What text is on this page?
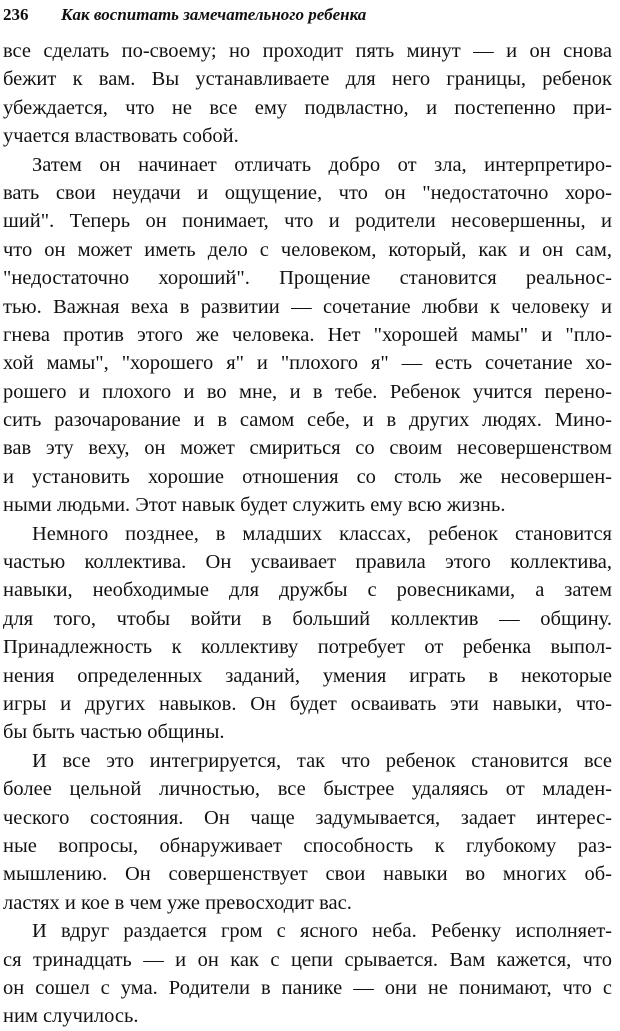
236 Как воспитать замечательного ребенка
все сделать по-своему; но проходит пять минут — и он снова
бежит к вам. Вы устанавливаете для него границы, ребенок
убеждается, что не все ему подвластно, и постепенно при-
учается властвовать собой.
Затем он начинает отличать добро от зла, интерпретиро-
вать свои неудачи и ощущение, что он "недостаточно хоро-
ший". Теперь он понимает, что и родители несовершенны, и
что он может иметь дело с человеком, который, как и он сам,
"недостаточно хороший". Прощение становится реальнос-
тью. Важная веха в развитии — сочетание любви к человеку и
гнева против этого же человека. Нет "хорошей мамы" и "пло-
хой мамы", "хорошего я" и "плохого я" — есть сочетание хо-
рошего и плохого и во мне, и в тебе. Ребенок учится перено-
сить разочарование и в самом себе, и в других людях. Мино-
вав эту веху, он может смириться со своим несовершенством
и установить хорошие отношения со столь же несовершен-
ными людьми. Этот навык будет служить ему всю жизнь.
Немного позднее, в младших классах, ребенок становится
частью коллектива. Он усваивает правила этого коллектива,
навыки, необходимые для дружбы с ровесниками, а затем
для того, чтобы войти в больший коллектив — общину.
Принадлежность к коллективу потребует от ребенка выпол-
нения определенных заданий, умения играть в некоторые
игры и других навыков. Он будет осваивать эти навыки, что-
бы быть частью общины.
И все это интегрируется, так что ребенок становится все
более цельной личностью, все быстрее удаляясь от младен-
ческого состояния. Он чаще задумывается, задает интерес-
ные вопросы, обнаруживает способность к глубокому раз-
мышлению. Он совершенствует свои навыки во многих об-
ластях и кое в чем уже превосходит вас.
И вдруг раздается гром с ясного неба. Ребенку исполняет-
ся тринадцать — и он как с цепи срывается. Вам кажется, что
он сошел с ума. Родители в панике — они не понимают, что с
ним случилось.
